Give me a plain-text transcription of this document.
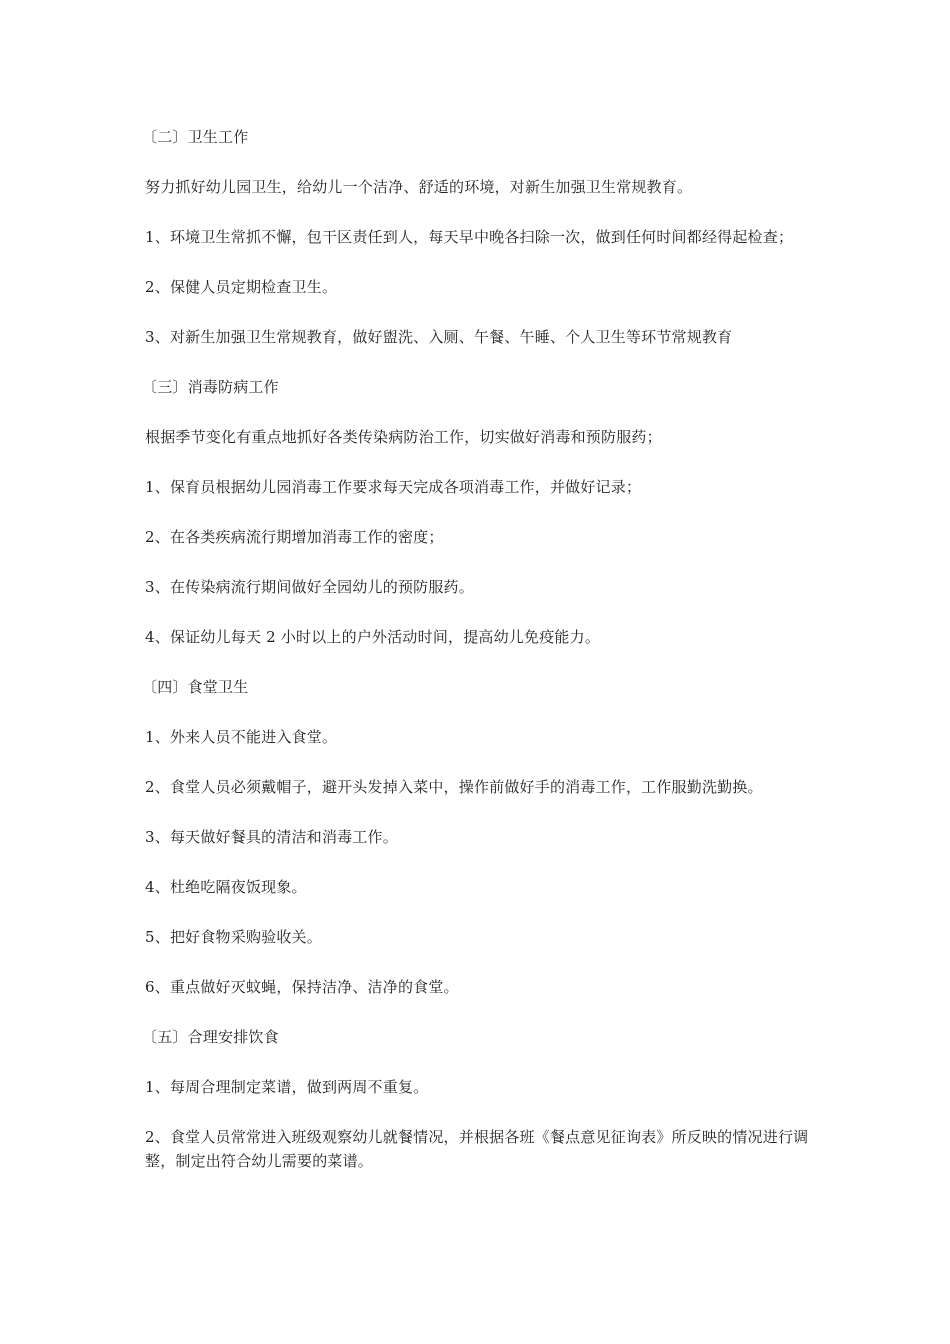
〔二〕卫生工作

努力抓好幼儿园卫生，给幼儿一个洁净、舒适的环境，对新生加强卫生常规教育。

1、环境卫生常抓不懈，包干区责任到人，每天早中晚各扫除一次，做到任何时间都经得起检查；

2、保健人员定期检查卫生。

3、对新生加强卫生常规教育，做好盥洗、入厕、午餐、午睡、个人卫生等环节常规教育

〔三〕消毒防病工作

根据季节变化有重点地抓好各类传染病防治工作，切实做好消毒和预防服药；

1、保育员根据幼儿园消毒工作要求每天完成各项消毒工作，并做好记录；

2、在各类疾病流行期增加消毒工作的密度；

3、在传染病流行期间做好全园幼儿的预防服药。

4、保证幼儿每天 2 小时以上的户外活动时间，提高幼儿免疫能力。

〔四〕食堂卫生

1、外来人员不能进入食堂。

2、食堂人员必须戴帽子，避开头发掉入菜中，操作前做好手的消毒工作，工作服勤洗勤换。

3、每天做好餐具的清洁和消毒工作。

4、杜绝吃隔夜饭现象。

5、把好食物采购验收关。

6、重点做好灭蚊蝇，保持洁净、洁净的食堂。

〔五〕合理安排饮食

1、每周合理制定菜谱，做到两周不重复。

2、食堂人员常常进入班级观察幼儿就餐情况，并根据各班《餐点意见征询表》所反映的情况进行调整，制定出符合幼儿需要的菜谱。
